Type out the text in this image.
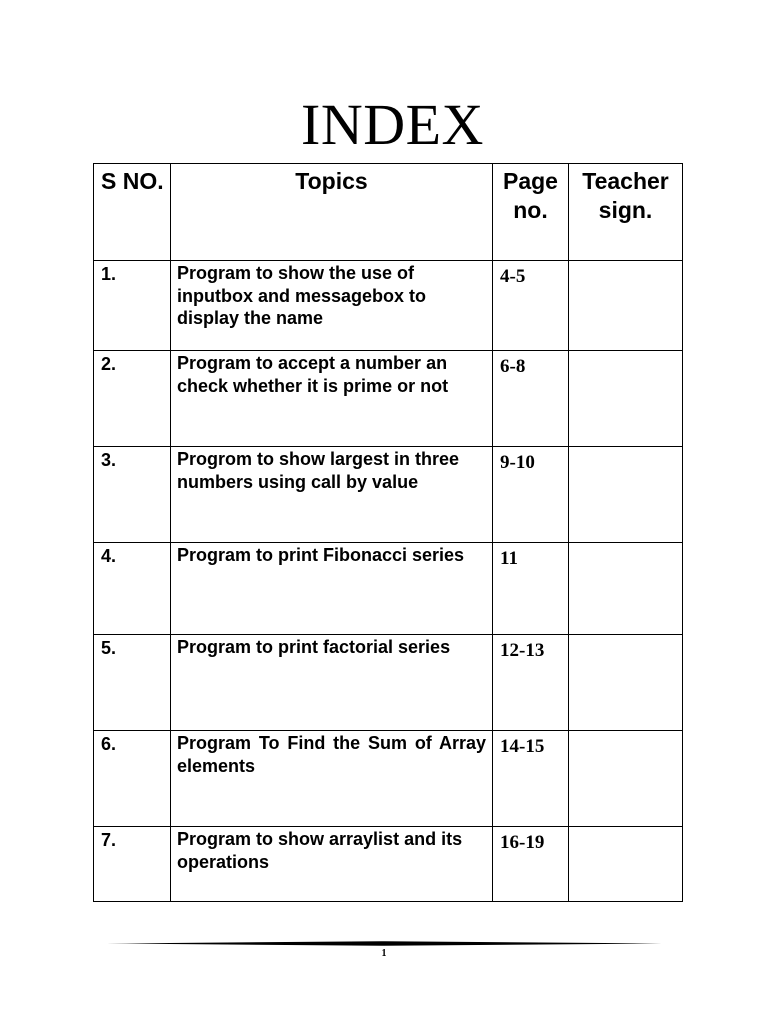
INDEX
S NO.	Topics	Page no.	Teacher sign.
1.	Program to show the use of inputbox and messagebox to display the name	4-5	
2.	Program to accept a number an check whether it is prime or not	6-8	
3.	Progrom to show largest in three numbers using call by value	9-10	
4.	Program to print Fibonacci series	11	
5.	Program to print factorial series	12-13	
6.	Program To Find the Sum of Array elements	14-15	
7.	Program to show arraylist and its operations	16-19	
1
